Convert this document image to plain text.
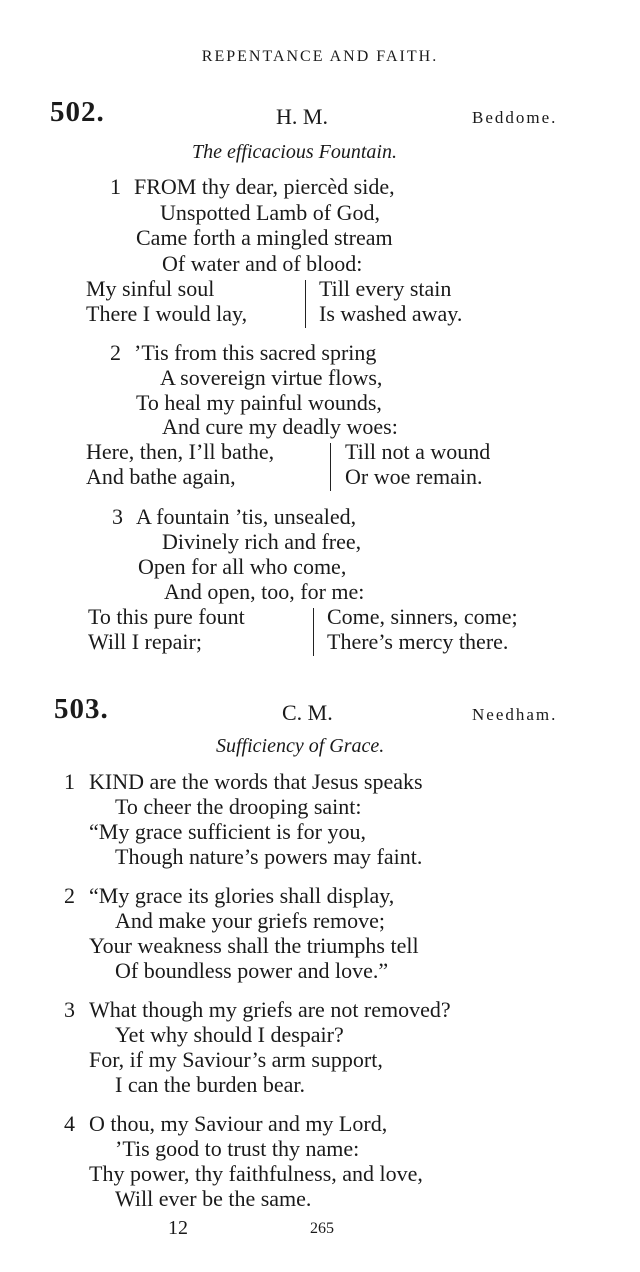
REPENTANCE AND FAITH.
502.	H. M.	Beddome.
The efficacious Fountain.
1 FROM thy dear, piercèd side,
Unspotted Lamb of God,
Came forth a mingled stream
Of water and of blood:
My sinful soul
There I would lay,
Till every stain
Is washed away.
2 ’Tis from this sacred spring
A sovereign virtue flows,
To heal my painful wounds,
And cure my deadly woes:
Here, then, I’ll bathe,
And bathe again,
Till not a wound
Or woe remain.
3 A fountain ’tis, unsealed,
Divinely rich and free,
Open for all who come,
And open, too, for me:
To this pure fount
Will I repair;
Come, sinners, come;
There’s mercy there.
503.	C. M.	Needham.
Sufficiency of Grace.
1 KIND are the words that Jesus speaks
To cheer the drooping saint:
“My grace sufficient is for you,
Though nature’s powers may faint.
2 “My grace its glories shall display,
And make your griefs remove;
Your weakness shall the triumphs tell
Of boundless power and love.”
3 What though my griefs are not removed?
Yet why should I despair?
For, if my Saviour’s arm support,
I can the burden bear.
4 O thou, my Saviour and my Lord,
’Tis good to trust thy name:
Thy power, thy faithfulness, and love,
Will ever be the same.
12	265
